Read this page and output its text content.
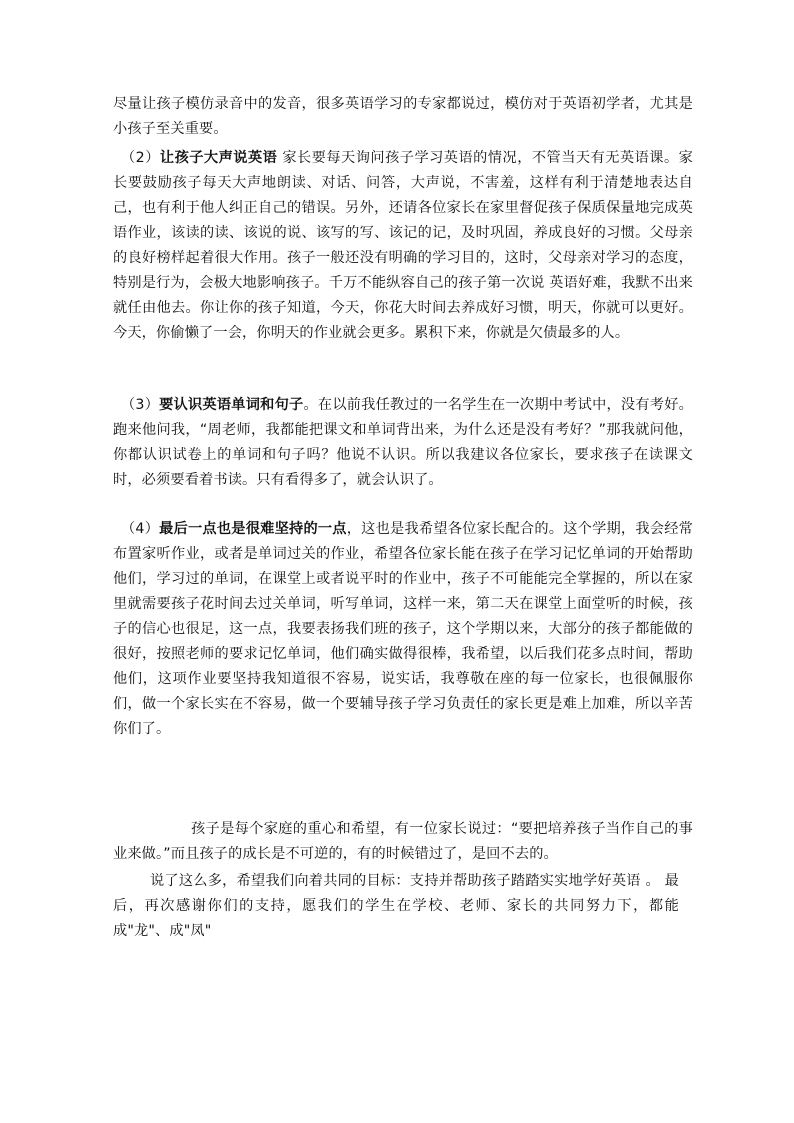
尽量让孩子模仿录音中的发音，很多英语学习的专家都说过，模仿对于英语初学者，尤其是小孩子至关重要。

（2）让孩子大声说英语 家长要每天询问孩子学习英语的情况，不管当天有无英语课。家长要鼓励孩子每天大声地朗读、对话、问答，大声说，不害羞，这样有利于清楚地表达自己，也有利于他人纠正自己的错误。另外，还请各位家长在家里督促孩子保质保量地完成英语作业，该读的读、该说的说、该写的写、该记的记，及时巩固，养成良好的习惯。父母亲的良好榜样起着很大作用。孩子一般还没有明确的学习目的，这时，父母亲对学习的态度，特别是行为，会极大地影响孩子。千万不能纵容自己的孩子第一次说 英语好难，我默不出来 就任由他去。你让你的孩子知道，今天，你花大时间去养成好习惯，明天，你就可以更好。今天，你偷懒了一会，你明天的作业就会更多。累积下来，你就是欠债最多的人。

（3）要认识英语单词和句子。在以前我任教过的一名学生在一次期中考试中，没有考好。跑来他问我，“周老师，我都能把课文和单词背出来，为什么还是没有考好？”那我就问他，你都认识试卷上的单词和句子吗？他说不认识。所以我建议各位家长，要求孩子在读课文时，必须要看着书读。只有看得多了，就会认识了。

（4）最后一点也是很难坚持的一点，这也是我希望各位家长配合的。这个学期，我会经常布置家听作业，或者是单词过关的作业，希望各位家长能在孩子在学习记忆单词的开始帮助他们，学习过的单词，在课堂上或者说平时的作业中，孩子不可能能完全掌握的，所以在家里就需要孩子花时间去过关单词，听写单词，这样一来，第二天在课堂上面堂听的时候，孩子的信心也很足，这一点，我要表扬我们班的孩子，这个学期以来，大部分的孩子都能做的很好，按照老师的要求记忆单词，他们确实做得很棒，我希望，以后我们花多点时间，帮助他们，这项作业要坚持我知道很不容易，说实话，我尊敬在座的每一位家长，也很佩服你们，做一个家长实在不容易，做一个要辅导孩子学习负责任的家长更是难上加难，所以辛苦你们了。

孩子是每个家庭的重心和希望，有一位家长说过：“要把培养孩子当作自己的事业来做。”而且孩子的成长是不可逆的，有的时候错过了，是回不去的。

说了这么多，希望我们向着共同的目标：支持并帮助孩子踏踏实实地学好英语 。 最后，再次感谢你们的支持，愿我们的学生在学校、老师、家长的共同努力下，都能成"龙"、成"凤"
